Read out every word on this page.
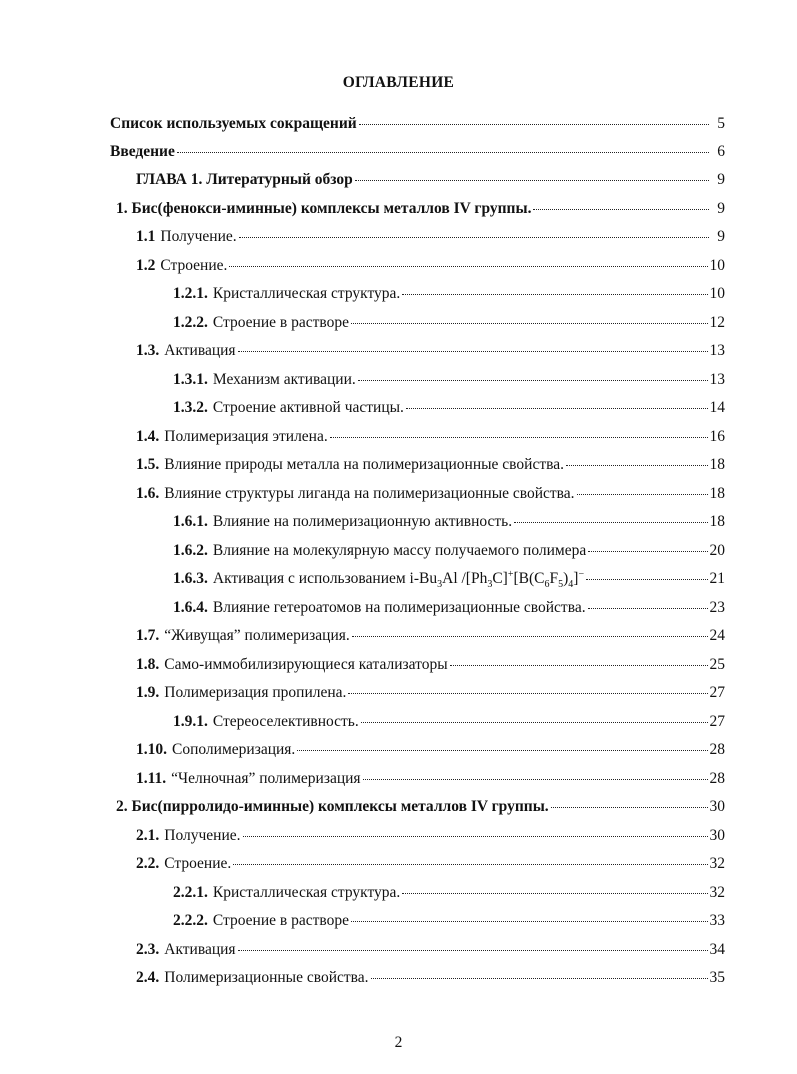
ОГЛАВЛЕНИЕ
Список используемых сокращений	5
Введение	6
ГЛАВА 1. Литературный обзор	9
1. Бис(фенокси-иминные) комплексы металлов IV группы.	9
1.1 Получение.	9
1.2 Строение.	10
1.2.1. Кристаллическая структура.	10
1.2.2. Строение в растворе	12
1.3. Активация	13
1.3.1. Механизм активации.	13
1.3.2. Строение активной частицы.	14
1.4. Полимеризация этилена.	16
1.5. Влияние природы металла на полимеризационные свойства.	18
1.6. Влияние структуры лиганда на полимеризационные свойства.	18
1.6.1. Влияние на полимеризационную активность.	18
1.6.2. Влияние на молекулярную массу получаемого полимера	20
1.6.3. Активация с использованием $i-Bu_3Al$ $/[Ph_3C]^+[B(C_6F_5)_4]^-$	21
1.6.4. Влияние гетероатомов на полимеризационные свойства.	23
1.7. “Живущая” полимеризация.	24
1.8. Само-иммобилизирующиеся катализаторы	25
1.9. Полимеризация пропилена.	27
1.9.1. Стереоселективность.	27
1.10. Сополимеризация.	28
1.11. “Челночная” полимеризация	28
2. Бис(пирролидо-иминные) комплексы металлов IV группы.	30
2.1. Получение.	30
2.2. Строение.	32
2.2.1. Кристаллическая структура.	32
2.2.2. Строение в растворе	33
2.3. Активация	34
2.4. Полимеризационные свойства.	35
2
